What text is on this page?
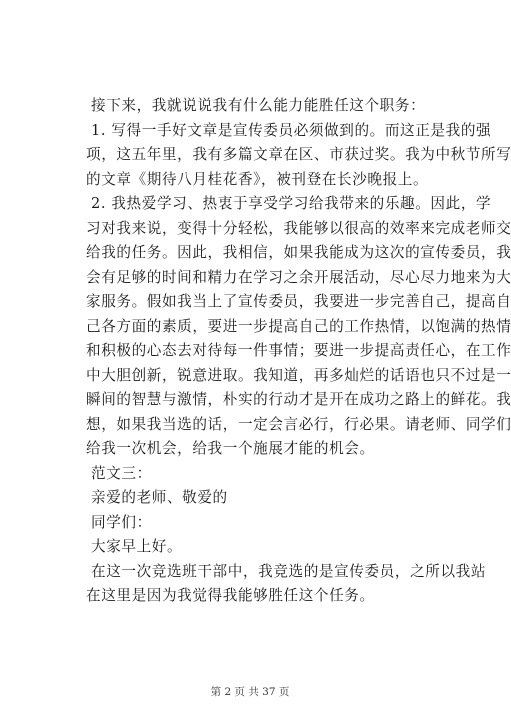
接下来，我就说说我有什么能力能胜任这个职务：
1. 写得一手好文章是宣传委员必须做到的。而这正是我的强
项，这五年里，我有多篇文章在区、市获过奖。我为中秋节所写
的文章《期待八月桂花香》，被刊登在长沙晚报上。
2. 我热爱学习、热衷于享受学习给我带来的乐趣。因此，学
习对我来说，变得十分轻松，我能够以很高的效率来完成老师交
给我的任务。因此，我相信，如果我能成为这次的宣传委员，我
会有足够的时间和精力在学习之余开展活动，尽心尽力地来为大
家服务。假如我当上了宣传委员，我要进一步完善自己，提高自
己各方面的素质，要进一步提高自己的工作热情，以饱满的热情
和积极的心态去对待每一件事情；要进一步提高责任心，在工作
中大胆创新，锐意进取。我知道，再多灿烂的话语也只不过是一
瞬间的智慧与激情，朴实的行动才是开在成功之路上的鲜花。我
想，如果我当选的话，一定会言必行，行必果。请老师、同学们
给我一次机会，给我一个施展才能的机会。
范文三：
亲爱的老师、敬爱的
同学们：
大家早上好。
在这一次竞选班干部中，我竞选的是宣传委员，之所以我站
在这里是因为我觉得我能够胜任这个任务。
第 2 页 共 37 页
